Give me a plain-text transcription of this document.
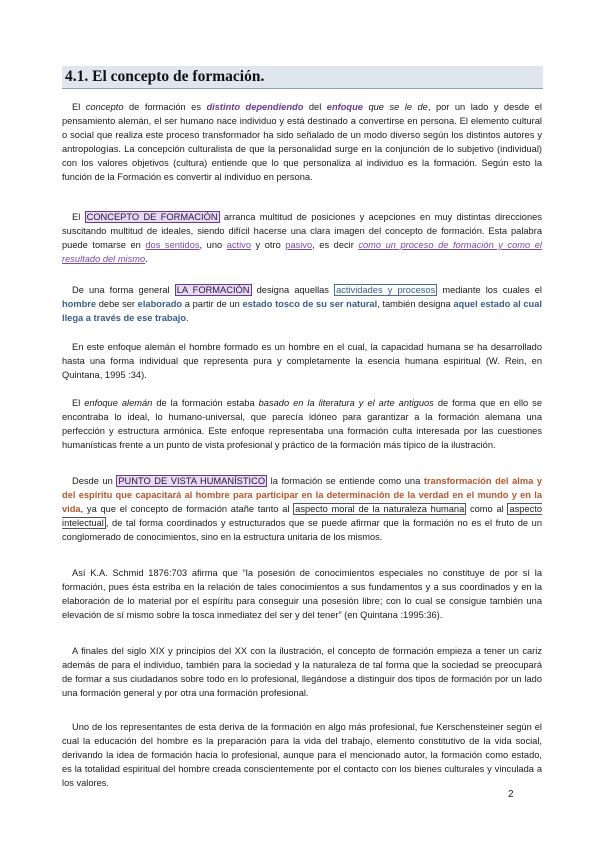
4.1. El concepto de formación.

El concepto de formación es distinto dependiendo del enfoque que se le de, por un lado y desde el pensamiento alemán, el ser humano nace individuo y está destinado a convertirse en persona. El elemento cultural o social que realiza este proceso transformador ha sido señalado de un modo diverso según los distintos autores y antropologías. La concepción culturalista de que la personalidad surge en la conjunción de lo subjetivo (individual) con los valores objetivos (cultura) entiende que lo que personaliza al individuo es la formación. Según esto la función de la Formación es convertir al individuo en persona.

El CONCEPTO DE FORMACIÓN arranca multitud de posiciones y acepciones en muy distintas direcciones suscitando multitud de ideales, siendo difícil hacerse una clara imagen del concepto de formación. Esta palabra puede tomarse en dos sentidos, uno activo y otro pasivo, es decir como un proceso de formación y como el resultado del mismo.

De una forma general LA FORMACIÓN designa aquellas actividades y procesos mediante los cuales el hombre debe ser elaborado a partir de un estado tosco de su ser natural, también designa aquel estado al cual llega a través de ese trabajo.

En este enfoque alemán el hombre formado es un hombre en el cual, la capacidad humana se ha desarrollado hasta una forma individual que representa pura y completamente la esencia humana espiritual (W. Rein, en Quintana, 1995 :34).

El enfoque alemán de la formación estaba basado en la literatura y el arte antiguos de forma que en ello se encontraba lo ideal, lo humano-universal, que parecía idóneo para garantizar a la formación alemana una perfección y estructura armónica. Este enfoque representaba una formación culta interesada por las cuestiones humanísticas frente a un punto de vista profesional y práctico de la formación más típico de la ilustración.

Desde un PUNTO DE VISTA HUMANÍSTICO la formación se entiende como una transformación del alma y del espíritu que capacitará al hombre para participar en la determinación de la verdad en el mundo y en la vida, ya que el concepto de formación atañe tanto al aspecto moral de la naturaleza humana como al aspecto intelectual , de tal forma coordinados y estructurados que se puede afirmar que la formación no es el fruto de un conglomerado de conocimientos, sino en la estructura unitaria de los mismos.

Así K.A. Schmid 1876:703 afirma que “la posesión de conocimientos especiales no constituye de por sí la formación, pues ésta estriba en la relación de tales conocimientos a sus fundamentos y a sus coordinados y en la elaboración de lo material por el espíritu para conseguir una posesión libre; con lo cual se consigue también una elevación de sí mismo sobre la tosca inmediatez del ser y del tener” (en Quintana :1995:36).

A finales del siglo XIX y principios del XX con la ilustración, el concepto de formación empieza a tener un cariz además de para el individuo, también para la sociedad y la naturaleza de tal forma que la sociedad se preocupará de formar a sus ciudadanos sobre todo en lo profesional, llegándose a distinguir dos tipos de formación por un lado una formación general y por otra una formación profesional.

Uno de los representantes de esta deriva de la formación en algo más profesional, fue Kerschensteiner según el cual la educación del hombre es la preparación para la vida del trabajo, elemento constitutivo de la vida social, derivando la idea de formación hacia lo profesional, aunque para el mencionado autor, la formación como estado, es la totalidad espiritual del hombre creada conscientemente por el contacto con los bienes culturales y vinculada a los valores.

2
